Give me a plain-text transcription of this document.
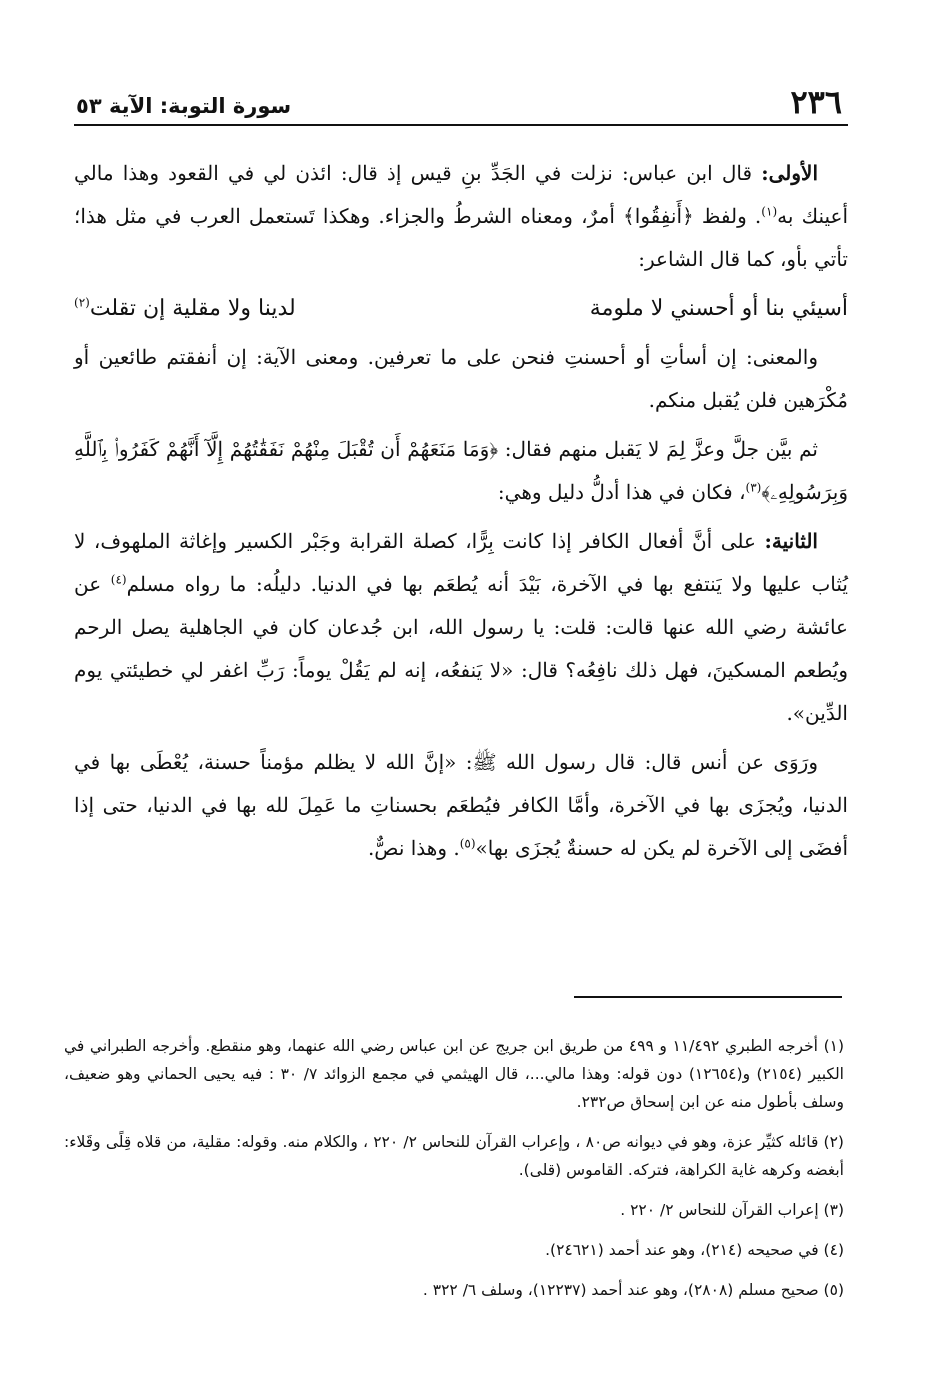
٢٣٦
سورة التوبة: الآية ٥٣

الأولى: قال ابن عباس: نزلت في الجَدِّ بنِ قيس إذ قال: ائذن لي في القعود وهذا مالي أعينك به$^{(١)}$. ولفظ ﴿أَنفِقُوا﴾ أمرٌ، ومعناه الشرطُ والجزاء. وهكذا تَستعمل العرب في مثل هذا؛ تأتي بأو، كما قال الشاعر:

أسيئي بنا أو أحسني لا ملومة
لدينا ولا مقلية إن تقلت$^{(٢)}$

والمعنى: إن أسأتِ أو أحسنتِ فنحن على ما تعرفين. ومعنى الآية: إن أنفقتم طائعين أو مُكْرَهين فلن يُقبل منكم.

ثم بيَّن جلَّ وعزَّ لِمَ لا يَقبل منهم فقال: ﴿وَمَا مَنَعَهُمْ أَن تُقْبَلَ مِنْهُمْ نَفَقَٰتُهُمْ إِلَّآ أَنَّهُمْ كَفَرُوا۟ بِٱللَّهِ وَبِرَسُولِهِۦ﴾$^{(٣)}$، فكان في هذا أدلُّ دليل وهي:

الثانية: على أنَّ أفعال الكافر إذا كانت بِرًّا، كصلة القرابة وجَبْر الكسير وإغاثة الملهوف، لا يُثاب عليها ولا يَنتفع بها في الآخرة، بَيْدَ أنه يُطعَم بها في الدنيا. دليلُه: ما رواه مسلم$^{(٤)}$ عن عائشة رضي الله عنها قالت: قلت: يا رسول الله، ابن جُدعان كان في الجاهلية يصل الرحم ويُطعم المسكينَ، فهل ذلك نافِعُه؟ قال: «لا يَنفعُه، إنه لم يَقُلْ يوماً: رَبِّ اغفر لي خطيئتي يوم الدِّين».

ورَوَى عن أنس قال: قال رسول الله ﷺ: «إنَّ الله لا يظلم مؤمناً حسنة، يُعْطَى بها في الدنيا، ويُجزَى بها في الآخرة، وأمَّا الكافر فيُطعَم بحسناتِ ما عَمِلَ لله بها في الدنيا، حتى إذا أفضَى إلى الآخرة لم يكن له حسنةٌ يُجزَى بها»$^{(٥)}$. وهذا نصٌّ.

(١) أخرجه الطبري ١١/٤٩٢ و ٤٩٩ من طريق ابن جريج عن ابن عباس رضي الله عنهما، وهو منقطع. وأخرجه الطبراني في الكبير (٢١٥٤) و(١٢٦٥٤) دون قوله: وهذا مالي...، قال الهيثمي في مجمع الزوائد ٧/ ٣٠ : فيه يحيى الحماني وهو ضعيف، وسلف بأطول منه عن ابن إسحاق ص٢٣٢.

(٢) قائله كثيِّر عزة، وهو في ديوانه ص٨٠ ، وإعراب القرآن للنحاس ٢/ ٢٢٠ ، والكلام منه. وقوله: مقلية، من قلاه قِلًى وقَلاء: أبغضه وكرهه غاية الكراهة، فتركه. القاموس (قلى).

(٣) إعراب القرآن للنحاس ٢/ ٢٢٠ .

(٤) في صحيحه (٢١٤)، وهو عند أحمد (٢٤٦٢١).

(٥) صحيح مسلم (٢٨٠٨)، وهو عند أحمد (١٢٢٣٧)، وسلف ٦/ ٣٢٢ .
